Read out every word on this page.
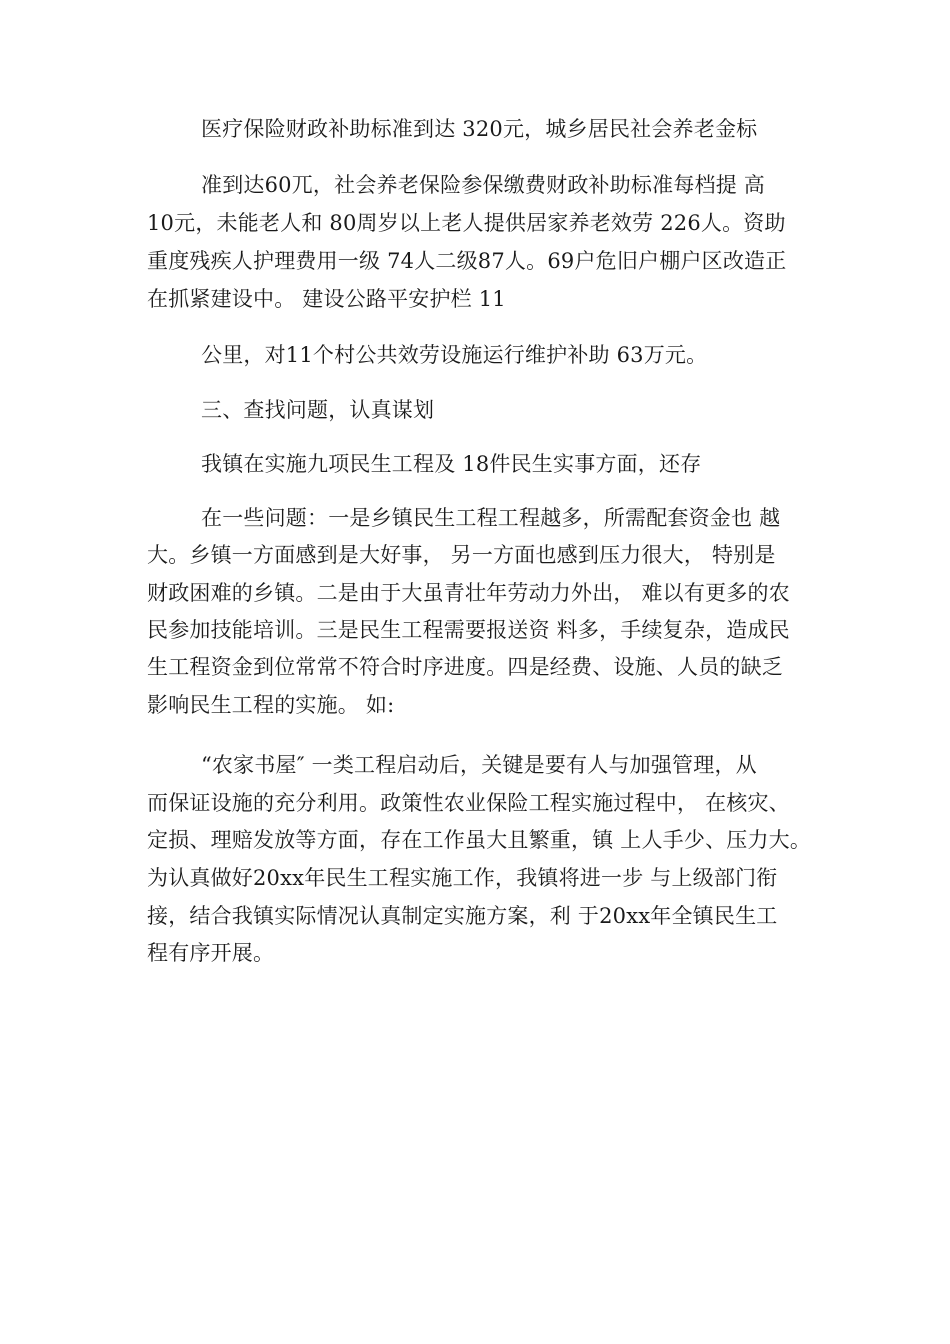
医疗保险财政补助标准到达 320元，城乡居民社会养老金标
准到达60兀，社会养老保险参保缴费财政补助标准每档提 高
10元，未能老人和 80周岁以上老人提供居家养老效劳 226人。资助
重度残疾人护理费用一级 74人二级87人。69户危旧户棚户区改造正
在抓紧建设中。 建设公路平安护栏 11
公里，对11个村公共效劳设施运行维护补助 63万元。
三、查找问题，认真谋划
我镇在实施九项民生工程及 18件民生实事方面，还存
在一些问题：一是乡镇民生工程工程越多，所需配套资金也 越
大。乡镇一方面感到是大好事， 另一方面也感到压力很大， 特别是
财政困难的乡镇。二是由于大虽青壮年劳动力外出， 难以有更多的农
民参加技能培训。三是民生工程需要报送资 料多，手续复杂，造成民
生工程资金到位常常不符合时序进度。四是经费、设施、人员的缺乏
影响民生工程的实施。 如:
“农家书屋″ 一类工程启动后，关键是要有人与加强管理，从
而保证设施的充分利用。政策性农业保险工程实施过程中， 在核灾、
定损、理赔发放等方面，存在工作虽大且繁重，镇 上人手少、压力大。
为认真做好20xx年民生工程实施工作，我镇将进一步 与上级部门衔
接，结合我镇实际情况认真制定实施方案，利 于20xx年全镇民生工
程有序开展。
